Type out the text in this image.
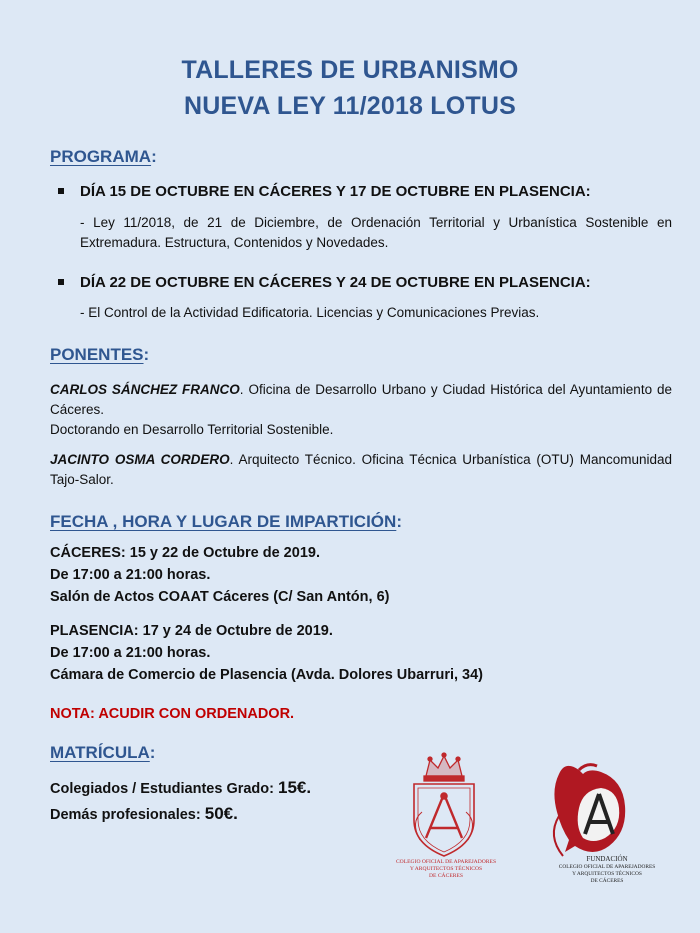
TALLERES DE URBANISMO
NUEVA LEY 11/2018 LOTUS
PROGRAMA:
DÍA 15 DE OCTUBRE EN CÁCERES Y 17 DE OCTUBRE EN PLASENCIA:
- Ley 11/2018, de 21 de Diciembre, de Ordenación Territorial y Urbanística Sostenible en Extremadura. Estructura, Contenidos y Novedades.
DÍA 22 DE OCTUBRE EN CÁCERES Y 24 DE OCTUBRE EN PLASENCIA:
- El Control de la Actividad Edificatoria. Licencias y Comunicaciones Previas.
PONENTES:
CARLOS SÁNCHEZ FRANCO. Oficina de Desarrollo Urbano y Ciudad Histórica del Ayuntamiento de Cáceres.
Doctorando en Desarrollo Territorial Sostenible.
JACINTO OSMA CORDERO. Arquitecto Técnico. Oficina Técnica Urbanística (OTU) Mancomunidad Tajo-Salor.
FECHA , HORA Y LUGAR DE IMPARTICIÓN:
CÁCERES: 15 y 22 de Octubre de 2019.
De 17:00 a 21:00 horas.
Salón de Actos COAAT Cáceres (C/ San Antón, 6)
PLASENCIA: 17 y 24 de Octubre de 2019.
De 17:00 a 21:00 horas.
Cámara de Comercio de Plasencia (Avda. Dolores Ubarruri, 34)
NOTA: ACUDIR CON ORDENADOR.
MATRÍCULA:
Colegiados / Estudiantes Grado: 15€.
Demás profesionales: 50€.
COLEGIO OFICIAL DE APAREJADORES
Y ARQUITECTOS TÉCNICOS
DE CÁCERES
FUNDACIÓN
COLEGIO OFICIAL DE APAREJADORES
Y ARQUITECTOS TÉCNICOS
DE CÁCERES
